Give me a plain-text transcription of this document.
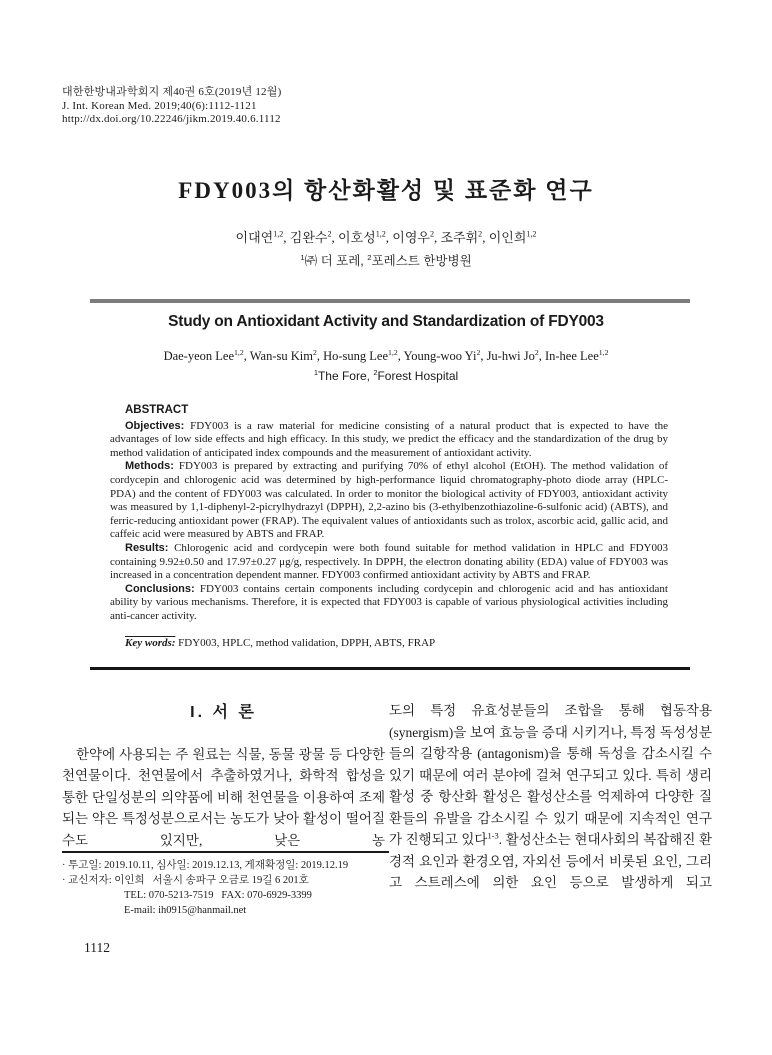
대한한방내과학회지 제40권 6호(2019년 12월)
J. Int. Korean Med. 2019;40(6):1112-1121
http://dx.doi.org/10.22246/jikm.2019.40.6.1112
FDY003의 항산화활성 및 표준화 연구
이대연$^{1,2}$, 김완수$^2$, 이호성$^{1,2}$, 이영우$^2$, 조주휘$^2$, 이인희$^{1,2}$
$^1$㈜ 더 포레, $^2$포레스트 한방병원
Study on Antioxidant Activity and Standardization of FDY003
Dae-yeon Lee$^{1,2}$, Wan-su Kim$^2$, Ho-sung Lee$^{1,2}$, Young-woo Yi$^2$, Ju-hwi Jo$^2$, In-hee Lee$^{1,2}$
$^1$The Fore, $^2$Forest Hospital
ABSTRACT

Objectives: FDY003 is a raw material for medicine consisting of a natural product that is expected to have the advantages of low side effects and high efficacy. In this study, we predict the efficacy and the standardization of the drug by method validation of anticipated index compounds and the measurement of antioxidant activity.

Methods: FDY003 is prepared by extracting and purifying 70% of ethyl alcohol (EtOH). The method validation of cordycepin and chlorogenic acid was determined by high-performance liquid chromatography-photo diode array (HPLC-PDA) and the content of FDY003 was calculated. In order to monitor the biological activity of FDY003, antioxidant activity was measured by 1,1-diphenyl-2-picrylhydrazyl (DPPH), 2,2-azino bis (3-ethylbenzothiazoline-6-sulfonic acid) (ABTS), and ferric-reducing antioxidant power (FRAP). The equivalent values of antioxidants such as trolox, ascorbic acid, gallic acid, and caffeic acid were measured by ABTS and FRAP.

Results: Chlorogenic acid and cordycepin were both found suitable for method validation in HPLC and FDY003 containing 9.92±0.50 and 17.97±0.27 μg/g, respectively. In DPPH, the electron donating ability (EDA) value of FDY003 was increased in a concentration dependent manner. FDY003 confirmed antioxidant activity by ABTS and FRAP.

Conclusions: FDY003 contains certain components including cordycepin and chlorogenic acid and has antioxidant ability by various mechanisms. Therefore, it is expected that FDY003 is capable of various physiological activities including anti-cancer activity.

Key words: FDY003, HPLC, method validation, DPPH, ABTS, FRAP

I. 서 론

한약에 사용되는 주 원료는 식물, 동물 광물 등 다양한 천연물이다. 천연물에서 추출하였거나, 화학적 합성을 통한 단일성분의 의약품에 비해 천연물을 이용하여 조제되는 약은 특정성분으로서는 농도가 낮아 활성이 떨어질 수도 있지만, 낮은 농

도의 특정 유효성분들의 조합을 통해 협동작용 (synergism)을 보여 효능을 증대 시키거나, 특정 독성성분들의 길항작용 (antagonism)을 통해 독성을 감소시킬 수 있기 때문에 여러 분야에 걸쳐 연구되고 있다. 특히 생리활성 중 항산화 활성은 활성산소를 억제하여 다양한 질환들의 유발을 감소시킬 수 있기 때문에 지속적인 연구가 진행되고 있다$^{1-3}$. 활성산소는 현대사회의 복잡해진 환경적 요인과 환경오염, 자외선 등에서 비롯된 요인, 그리고 스트레스에 의한 요인 등으로 발생하게 되고

· 투고일: 2019.10.11, 심사일: 2019.12.13, 게재확정일: 2019.12.19
· 교신저자: 이인희   서울시 송파구 오금로 19길 6 201호
TEL: 070-5213-7519   FAX: 070-6929-3399
E-mail: ih0915@hanmail.net
1112
